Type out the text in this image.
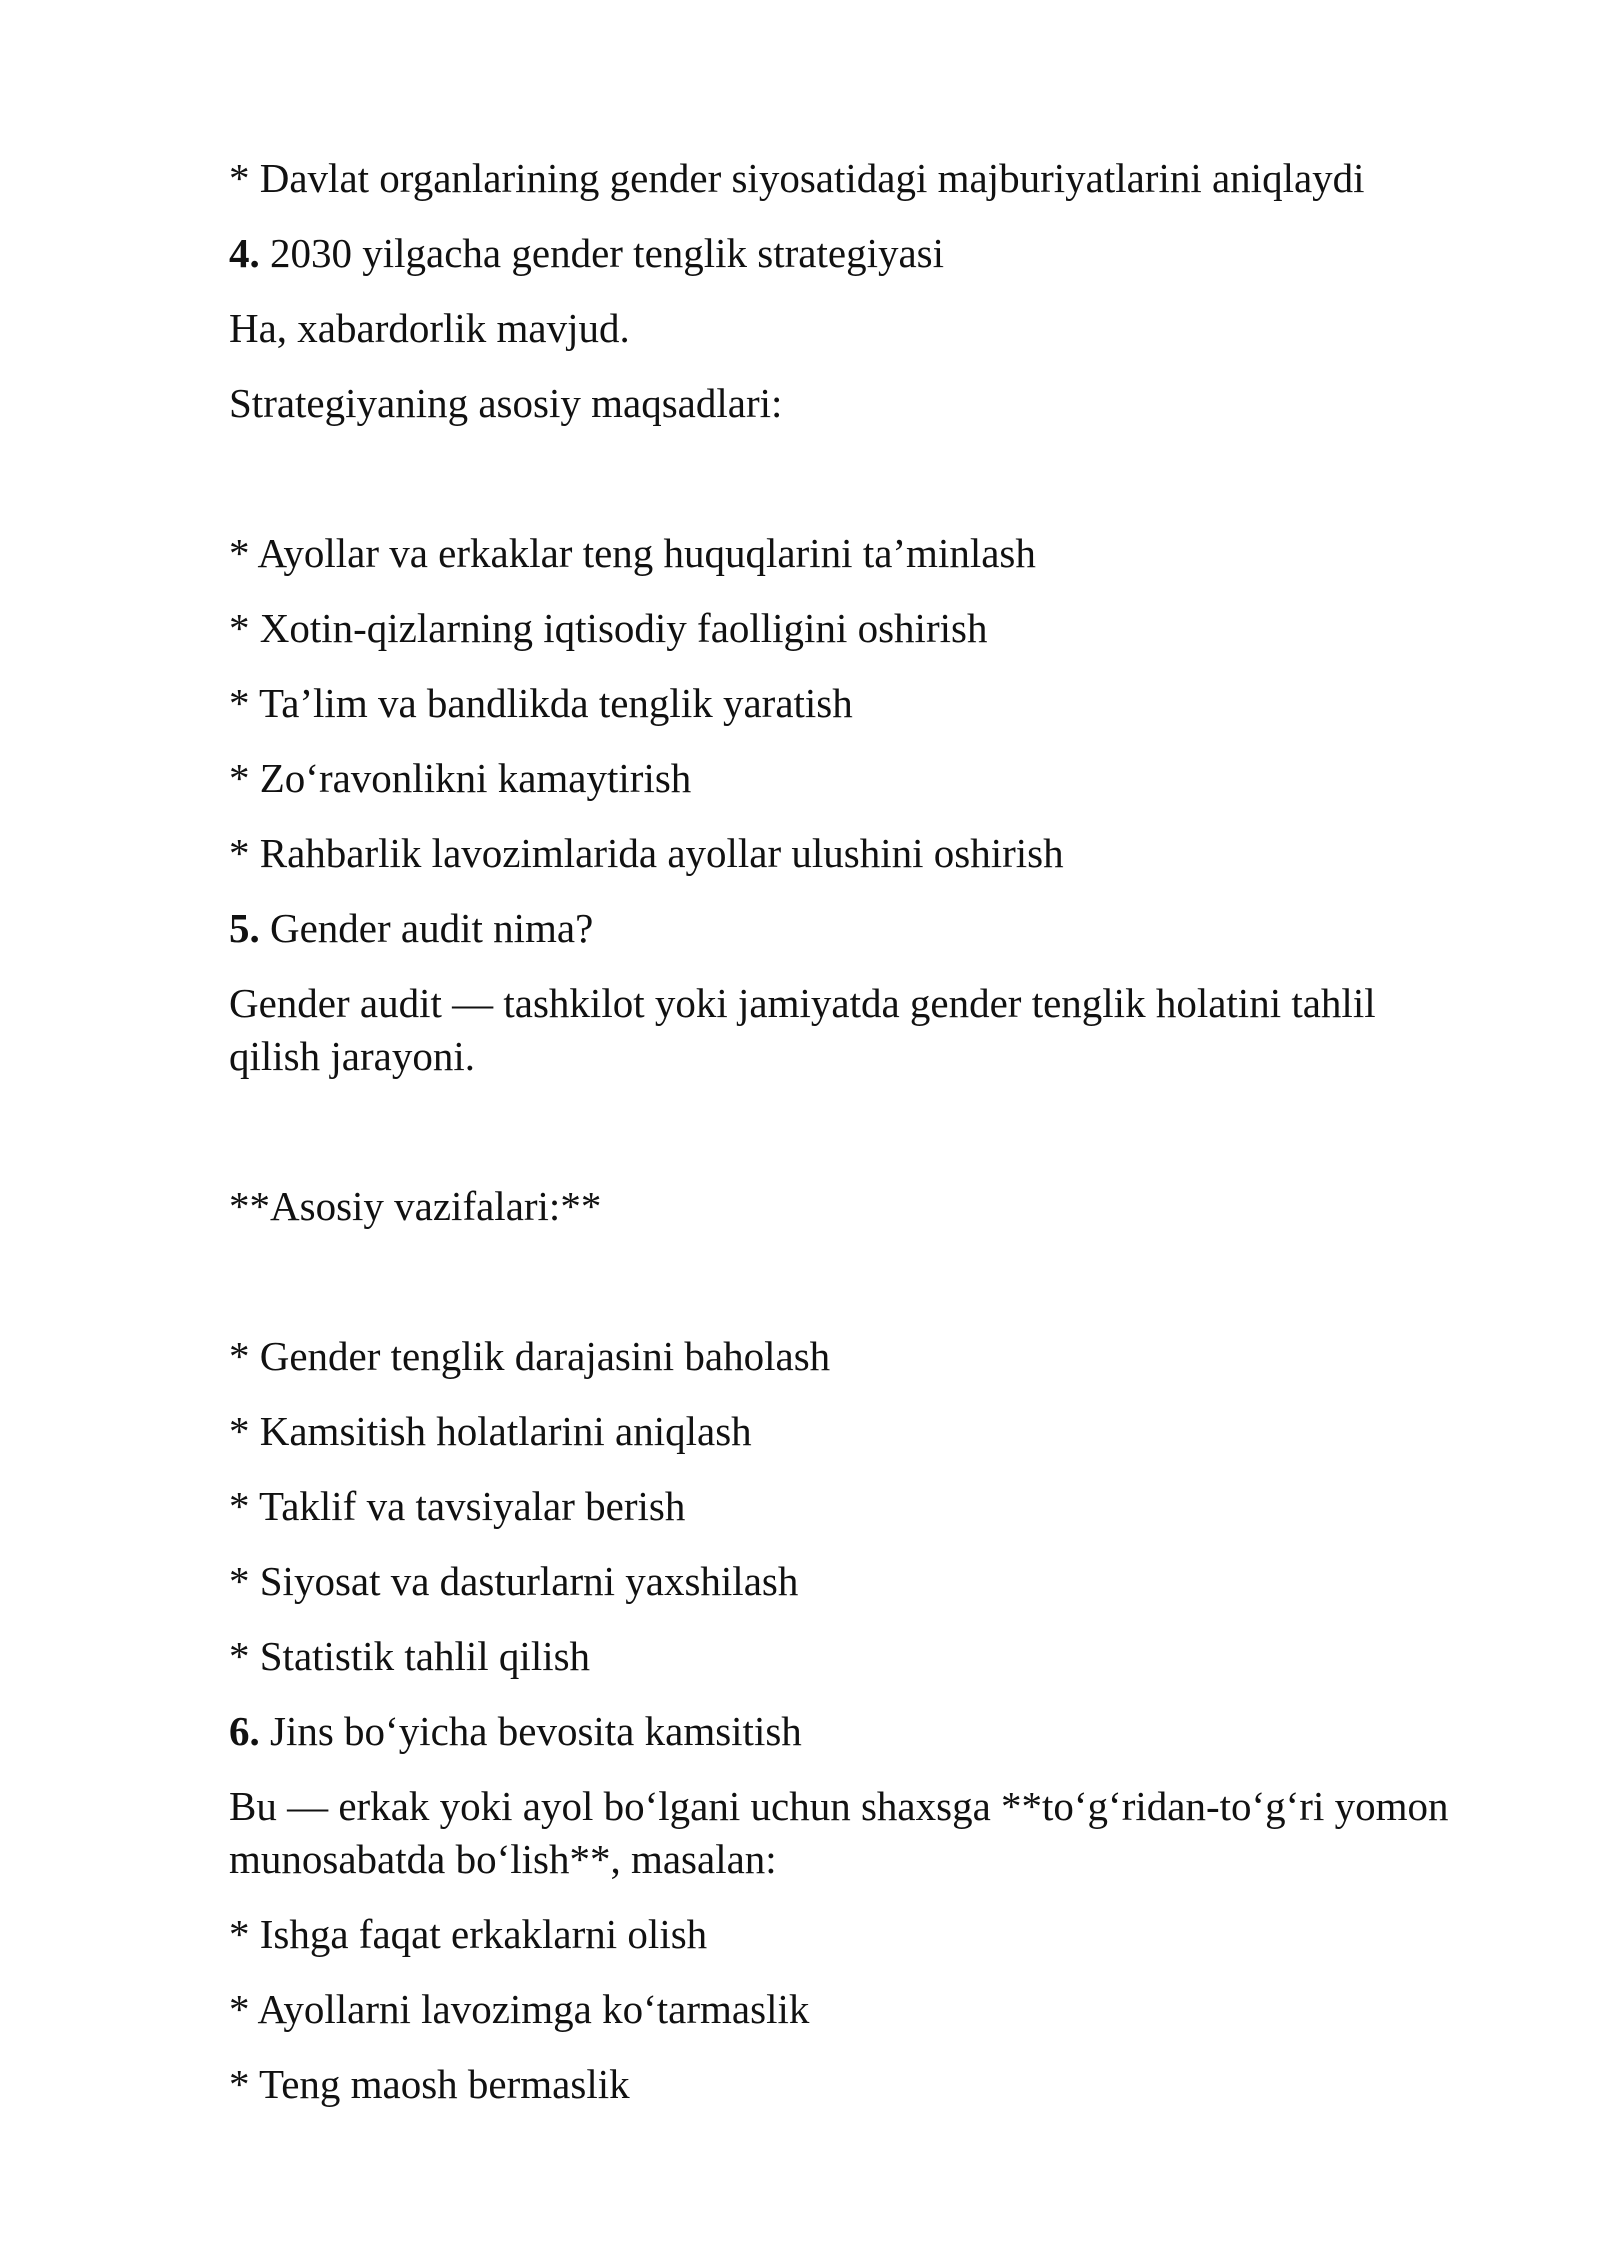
* Davlat organlarining gender siyosatidagi majburiyatlarini aniqlaydi

4. 2030 yilgacha gender tenglik strategiyasi

Ha, xabardorlik mavjud.

Strategiyaning asosiy maqsadlari:

* Ayollar va erkaklar teng huquqlarini ta’minlash

* Xotin-qizlarning iqtisodiy faolligini oshirish

* Ta’lim va bandlikda tenglik yaratish

* Zo‘ravonlikni kamaytirish

* Rahbarlik lavozimlarida ayollar ulushini oshirish

5. Gender audit nima?

Gender audit — tashkilot yoki jamiyatda gender tenglik holatini tahlil qilish jarayoni.

**Asosiy vazifalari:**

* Gender tenglik darajasini baholash

* Kamsitish holatlarini aniqlash

* Taklif va tavsiyalar berish

* Siyosat va dasturlarni yaxshilash

* Statistik tahlil qilish

6. Jins bo‘yicha bevosita kamsitish

Bu — erkak yoki ayol bo‘lgani uchun shaxsga **to‘g‘ridan-to‘g‘ri yomon munosabatda bo‘lish**, masalan:

* Ishga faqat erkaklarni olish

* Ayollarni lavozimga ko‘tarmaslik

* Teng maosh bermaslik
